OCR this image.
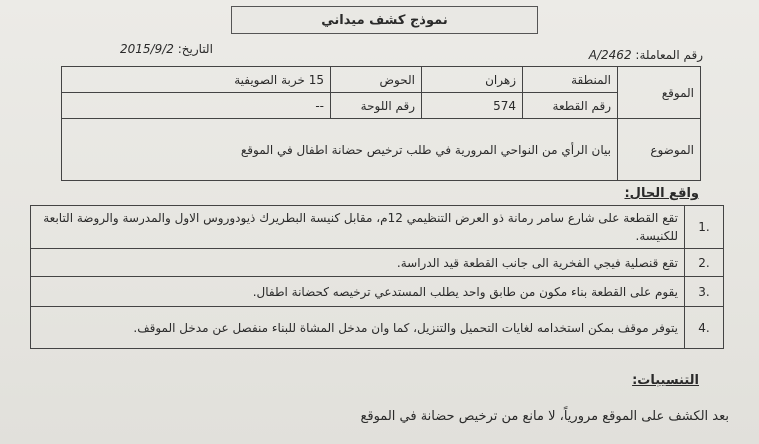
نموذج كشف ميداني
رقم المعاملة: A/2462
التاريخ: 2015/9/2
الموقع	المنطقة	زهران	الحوض	15 خربة الصويفية
	رقم القطعة	574	رقم اللوحة	--
الموضوع	بيان الرأي من النواحي المرورية في طلب ترخيص حضانة اطفال في الموقع			
واقع الحال:
.1	تقع القطعة على شارع سامر رمانة ذو العرض التنظيمي 12م، مقابل كنيسة البطريرك ذيودوروس الاول والمدرسة والروضة التابعة للكنيسة.
.2	تقع قنصلية فيجي الفخرية الى جانب القطعة قيد الدراسة.
.3	يقوم على القطعة بناء مكون من طابق واحد يطلب المستدعي ترخيصه كحضانة اطفال.
.4	يتوفر موقف بمكن استخدامه لغايات التحميل والتنزيل، كما وان مدخل المشاة للبناء منفصل عن مدخل الموقف.
التنسيبات:
بعد الكشف على الموقع مرورياً، لا مانع من ترخيص حضانة في الموقع
